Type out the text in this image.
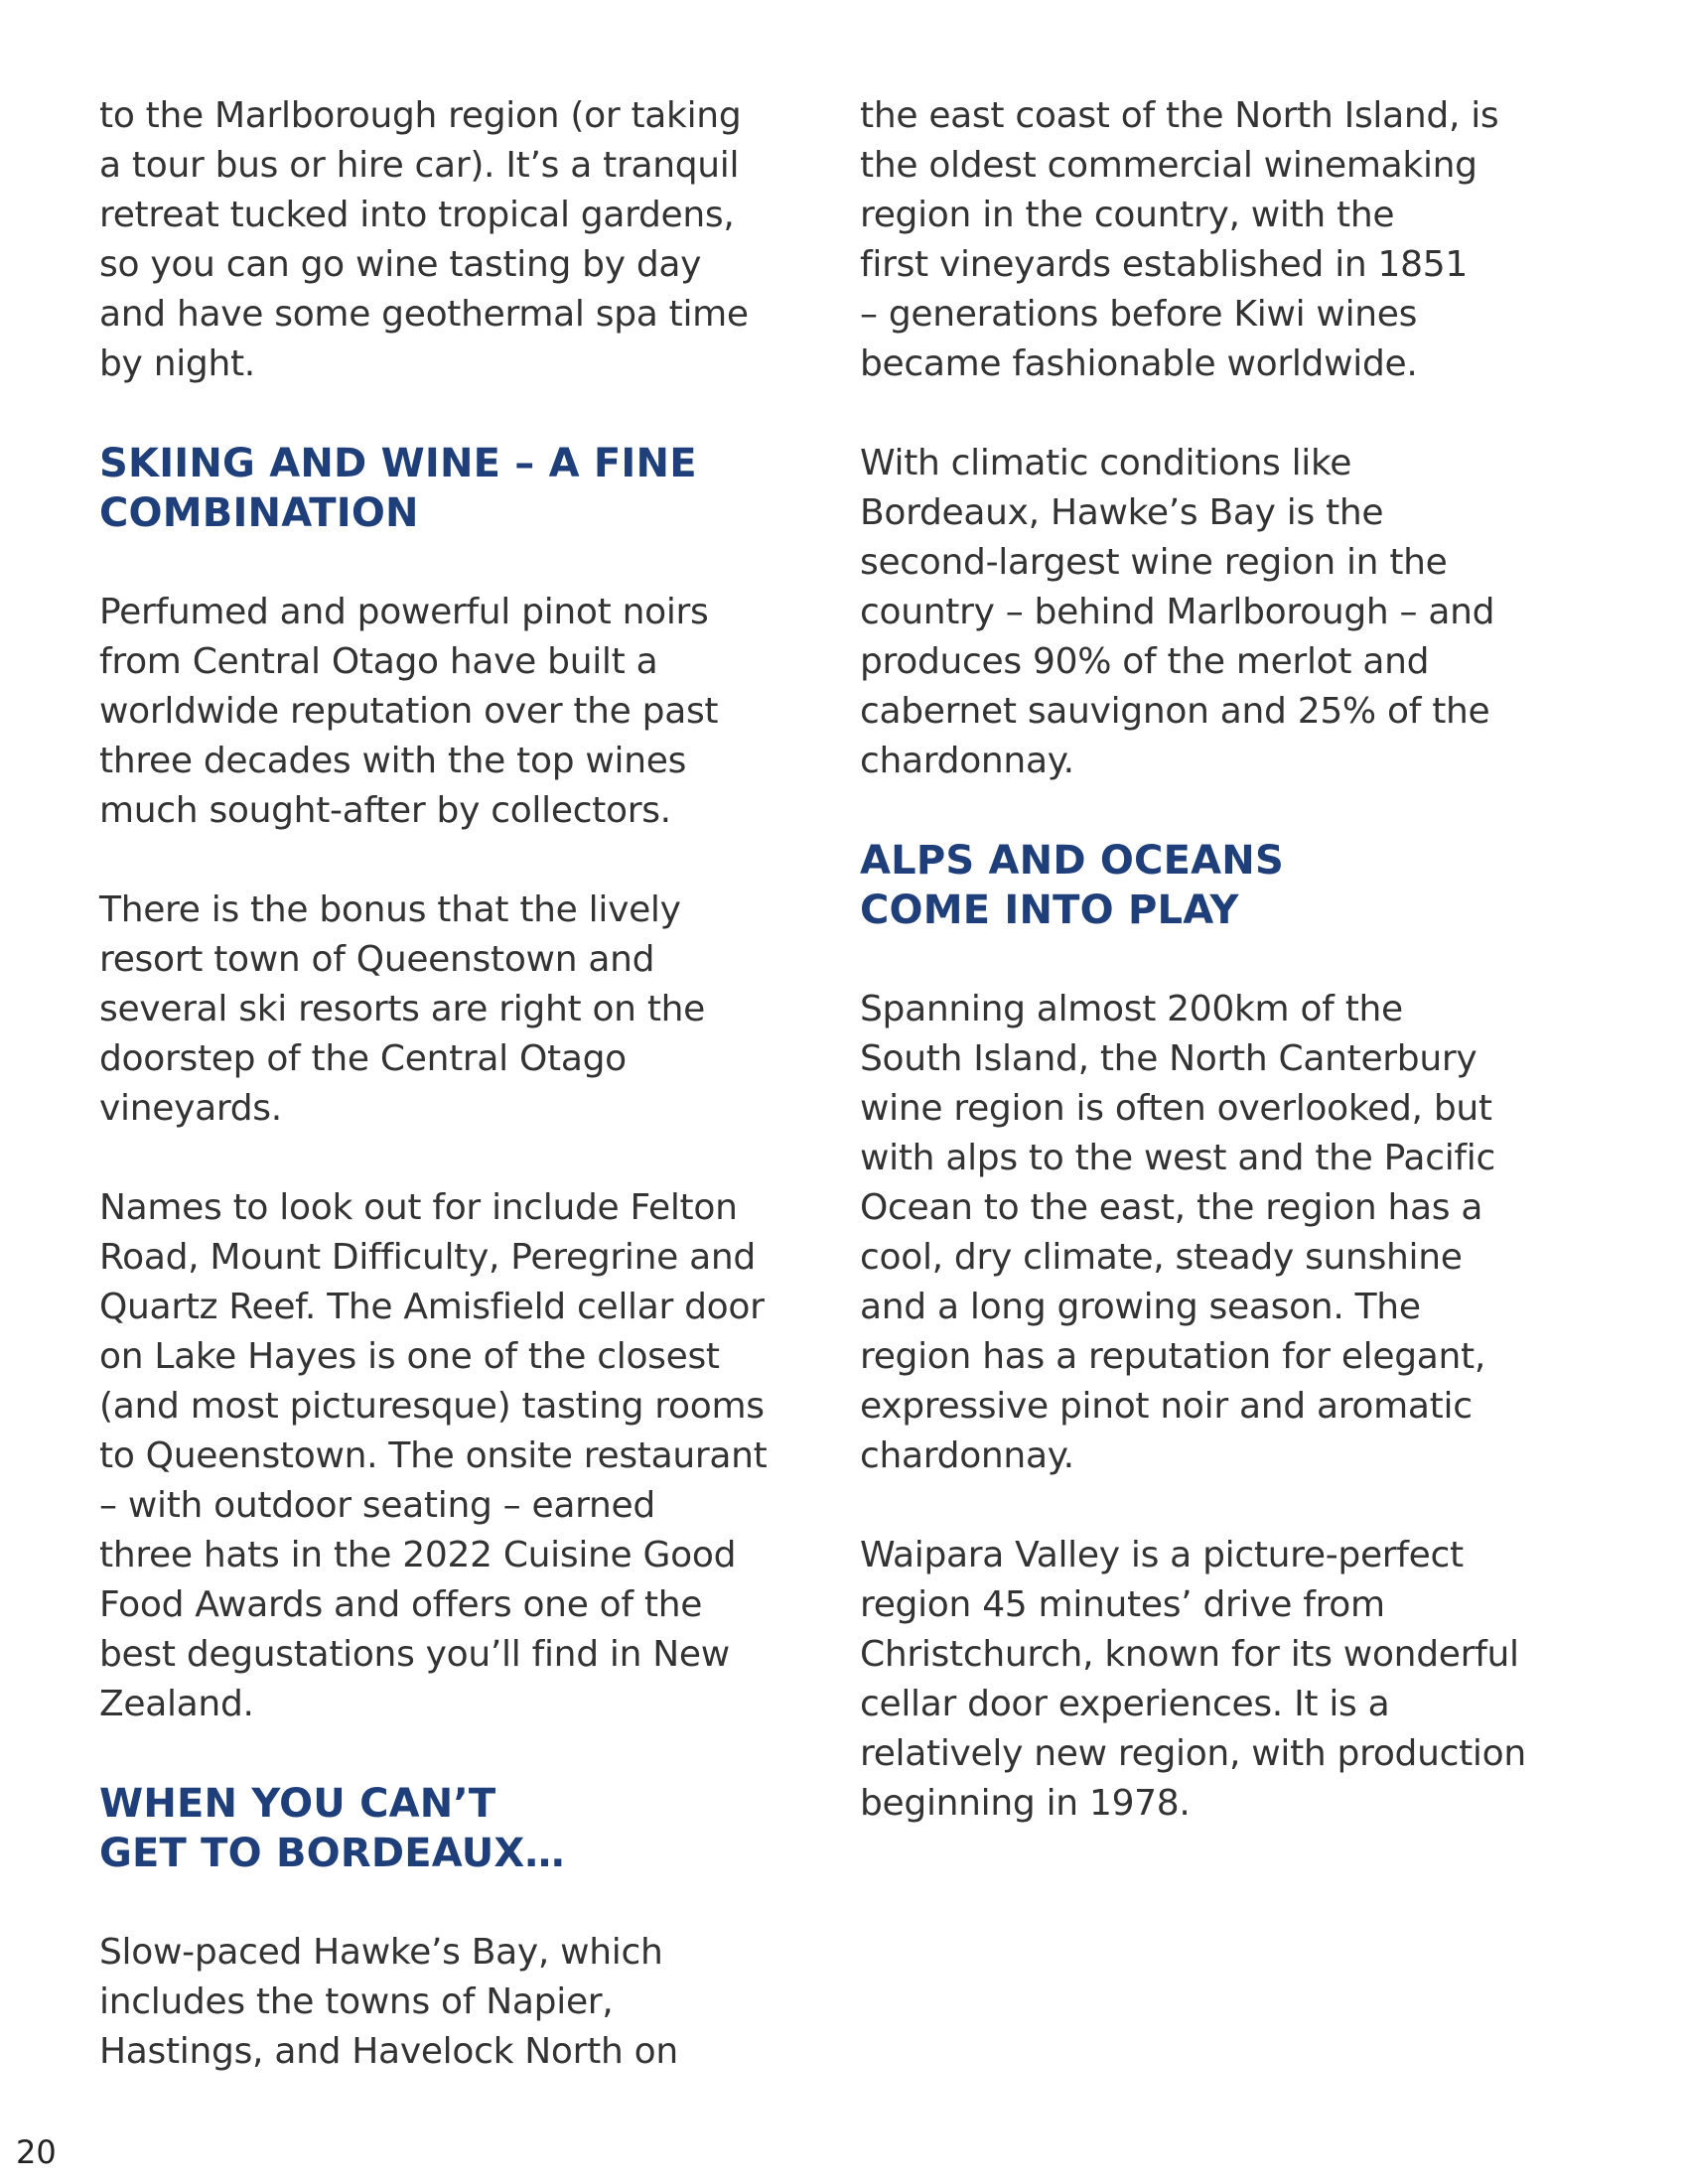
to the Marlborough region (or taking
a tour bus or hire car). It’s a tranquil
retreat tucked into tropical gardens,
so you can go wine tasting by day
and have some geothermal spa time
by night.

SKIING AND WINE – A FINE
COMBINATION

Perfumed and powerful pinot noirs
from Central Otago have built a
worldwide reputation over the past
three decades with the top wines
much sought-after by collectors.

There is the bonus that the lively
resort town of Queenstown and
several ski resorts are right on the
doorstep of the Central Otago
vineyards.

Names to look out for include Felton
Road, Mount Difficulty, Peregrine and
Quartz Reef. The Amisfield cellar door
on Lake Hayes is one of the closest
(and most picturesque) tasting rooms
to Queenstown. The onsite restaurant
– with outdoor seating – earned
three hats in the 2022 Cuisine Good
Food Awards and offers one of the
best degustations you’ll find in New
Zealand.

WHEN YOU CAN’T
GET TO BORDEAUX…

Slow-paced Hawke’s Bay, which
includes the towns of Napier,
Hastings, and Havelock North on

the east coast of the North Island, is
the oldest commercial winemaking
region in the country, with the
first vineyards established in 1851
– generations before Kiwi wines
became fashionable worldwide.

With climatic conditions like
Bordeaux, Hawke’s Bay is the
second-largest wine region in the
country – behind Marlborough – and
produces 90% of the merlot and
cabernet sauvignon and 25% of the
chardonnay.

ALPS AND OCEANS
COME INTO PLAY

Spanning almost 200km of the
South Island, the North Canterbury
wine region is often overlooked, but
with alps to the west and the Pacific
Ocean to the east, the region has a
cool, dry climate, steady sunshine
and a long growing season. The
region has a reputation for elegant,
expressive pinot noir and aromatic
chardonnay.

Waipara Valley is a picture-perfect
region 45 minutes’ drive from
Christchurch, known for its wonderful
cellar door experiences. It is a
relatively new region, with production
beginning in 1978.

20
